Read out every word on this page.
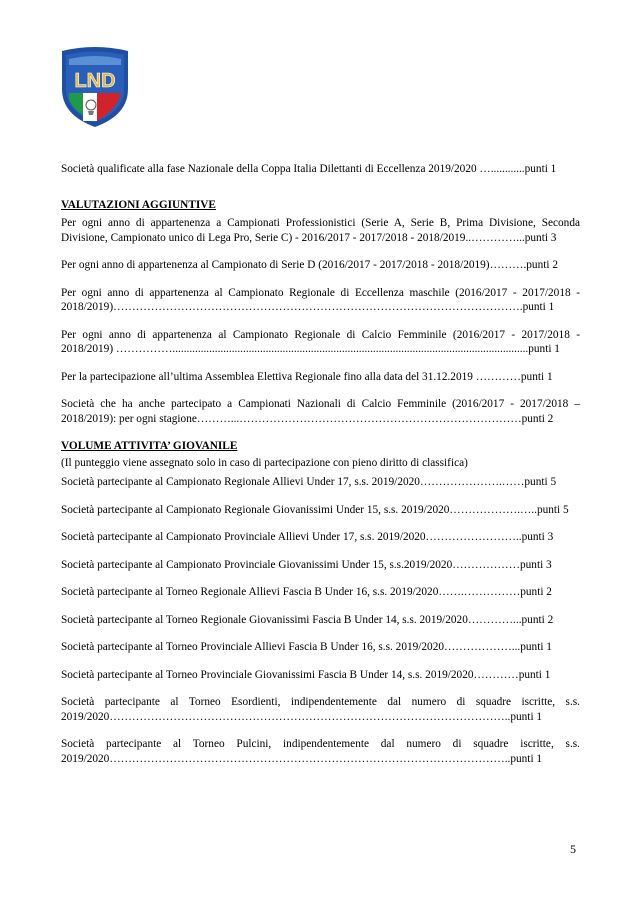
LND

Società qualificate alla fase Nazionale della Coppa Italia Dilettanti di Eccellenza 2019/2020 …............punti 1

VALUTAZIONI AGGIUNTIVE

Per ogni anno di appartenenza a Campionati Professionistici (Serie A, Serie B, Prima Divisione, Seconda Divisione, Campionato unico di Lega Pro, Serie C) - 2016/2017 - 2017/2018 - 2018/2019..…………...punti 3

Per ogni anno di appartenenza al Campionato di Serie D (2016/2017 - 2017/2018 - 2018/2019)……….punti 2

Per ogni anno di appartenenza al Campionato Regionale di Eccellenza maschile (2016/2017 - 2017/2018 - 2018/2019)……………………………………………………………………………………………….punti 1

Per ogni anno di appartenenza al Campionato Regionale di Calcio Femminile (2016/2017 - 2017/2018 - 2018/2019) ……………..............................................................................................................................punti 1

Per la partecipazione all’ultima Assemblea Elettiva Regionale fino alla data del 31.12.2019 …………punti 1

Società che ha anche partecipato a Campionati Nazionali di Calcio Femminile (2016/2017 - 2017/2018 – 2018/2019): per ogni stagione………...…………………………………………………………………punti 2

VOLUME ATTIVITA’ GIOVANILE

(Il punteggio viene assegnato solo in caso di partecipazione con pieno diritto di classifica)

Società partecipante al Campionato Regionale Allievi Under 17, s.s. 2019/2020………………….……punti 5

Società partecipante al Campionato Regionale Giovanissimi Under 15, s.s. 2019/2020……………….…..punti 5

Società partecipante al Campionato Provinciale Allievi Under 17, s.s. 2019/2020……………………..punti 3

Società partecipante al Campionato Provinciale Giovanissimi Under 15, s.s.2019/2020………………punti 3

Società partecipante al Torneo Regionale Allievi Fascia B Under 16, s.s. 2019/2020…….……………punti 2

Società partecipante al Torneo Regionale Giovanissimi Fascia B Under 14, s.s. 2019/2020…………...punti 2

Società partecipante al Torneo Provinciale Allievi Fascia B Under 16, s.s. 2019/2020………………...punti 1

Società partecipante al Torneo Provinciale Giovanissimi Fascia B Under 14, s.s. 2019/2020…………punti 1

Società partecipante al Torneo Esordienti, indipendentemente dal numero di squadre iscritte, s.s. 2019/2020……………………………………………………………………………………………..punti 1

Società partecipante al Torneo Pulcini, indipendentemente dal numero di squadre iscritte, s.s. 2019/2020……………………………………………………………………………………………..punti 1

5
